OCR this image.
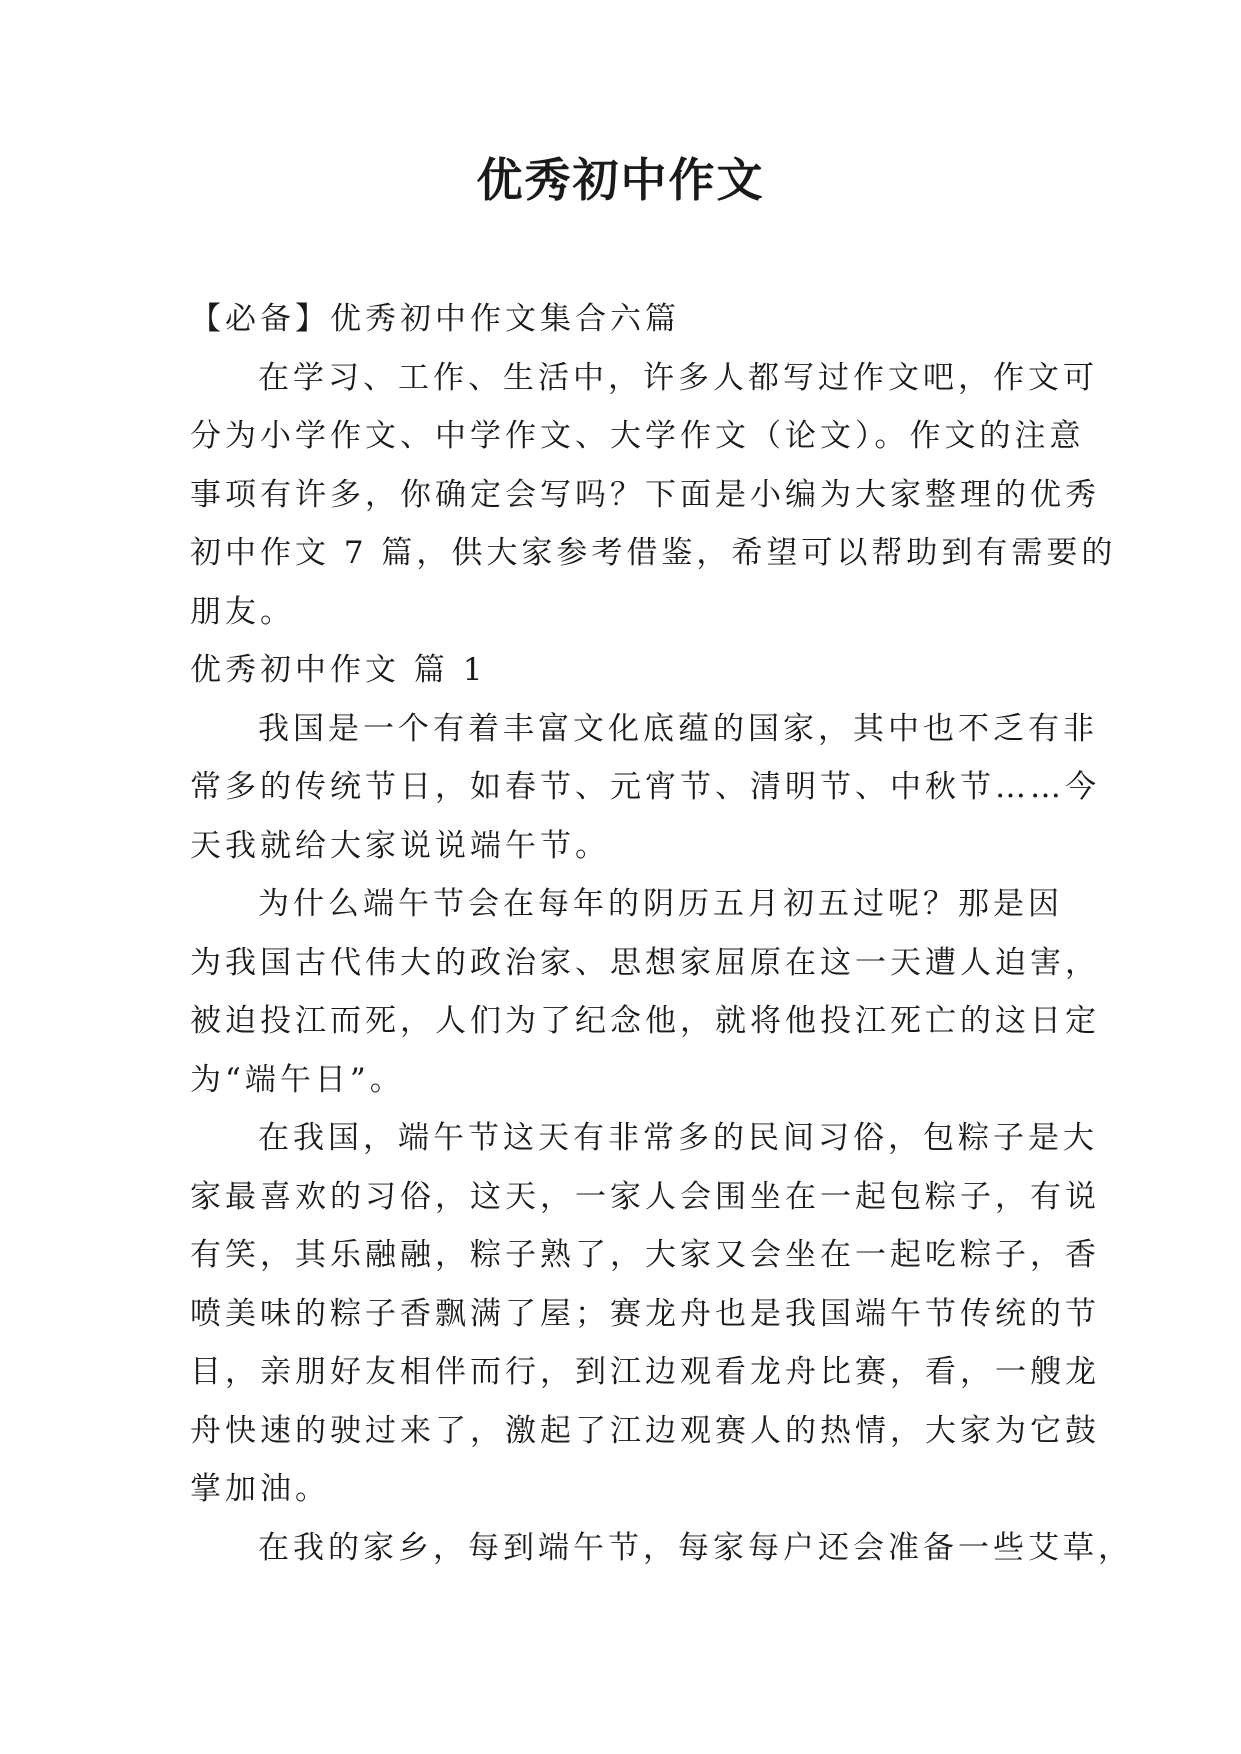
优秀初中作文

【必备】优秀初中作文集合六篇

在学习、工作、生活中，许多人都写过作文吧，作文可

分为小学作文、中学作文、大学作文（论文）。作文的注意

事项有许多，你确定会写吗？下面是小编为大家整理的优秀

初中作文 7 篇，供大家参考借鉴，希望可以帮助到有需要的

朋友。

优秀初中作文 篇 1

我国是一个有着丰富文化底蕴的国家，其中也不乏有非

常多的传统节日，如春节、元宵节、清明节、中秋节……今

天我就给大家说说端午节。

为什么端午节会在每年的阴历五月初五过呢？那是因

为我国古代伟大的政治家、思想家屈原在这一天遭人迫害，

被迫投江而死，人们为了纪念他，就将他投江死亡的这日定

为“端午日”。

在我国，端午节这天有非常多的民间习俗，包粽子是大

家最喜欢的习俗，这天，一家人会围坐在一起包粽子，有说

有笑，其乐融融，粽子熟了，大家又会坐在一起吃粽子，香

喷美味的粽子香飘满了屋；赛龙舟也是我国端午节传统的节

目，亲朋好友相伴而行，到江边观看龙舟比赛，看，一艘龙

舟快速的驶过来了，激起了江边观赛人的热情，大家为它鼓

掌加油。

在我的家乡，每到端午节，每家每户还会准备一些艾草，
